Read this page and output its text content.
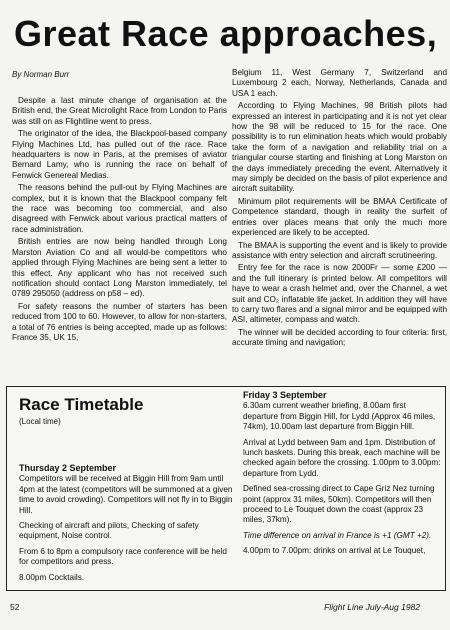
Great Race approaches,

By Norman Burr

Despite a last minute change of organisation at the British end, the Great Microlight Race from London to Paris was still on as Flightline went to press.

The originator of the idea, the Blackpool-based company Flying Machines Ltd, has pulled out of the race. Race headquarters is now in Paris, at the premises of aviator Bernard Lamy, who is running the race on behalf of Fenwick Genereal Medias.

The reasons behind the pull-out by Flying Machines are complex, but it is known that the Blackpool company felt the race was becoming too commercial, and also disagreed with Fenwick about various practical matters of race administration.

British entries are now being handled through Long Marston Aviation Co and all would-be competitors who applied through Flying Machines are being sent a letter to this effect. Any applicant who has not received such notification should contact Long Marston immediately, tel 0789 295050 (address on p58 – ed).

For safety reasons the number of starters has been reduced from 100 to 60. However, to allow for non-starters, a total of 76 entries is being accepted, made up as follows: France 35, UK 15,

Belgium 11, West Germany 7, Switzerland and Luxembourg 2 each, Norway, Netherlands, Canada and USA 1 each.

According to Flying Machines, 98 British pilots had expressed an interest in participating and it is not yet clear how the 98 will be reduced to 15 for the race. One possibility is to run elimination heats which would probably take the form of a navigation and reliability trial on a triangular course starting and finishing at Long Marston on the days immediately preceding the event. Alternatively it may simply be decided on the basis of pilot experience and aircraft suitability.

Minimum pilot requirements will be BMAA Certificate of Competence standard, though in reality the surfeit of entries over places means that only the much more experienced are likely to be accepted.

The BMAA is supporting the event and is likely to provide assistance with entry selection and aircraft scrutineering.

Entry fee for the race is now 2000Fr — some £200 — and the full itinerary is printed below. All competitors will have to wear a crash helmet and, over the Channel, a wet suit and CO₂ inflatable life jacket. In addition they will have to carry two flares and a signal mirror and be equipped with ASI, altimeter, compass and watch.

The winner will be decided according to four criteria: first, accurate timing and navigation;

Race Timetable

(Local time)

Thursday 2 September

Competitors will be received at Biggin Hill from 9am until 4pm at the latest (competitors will be summoned at a given time to avoid crowding). Competitors will not fly in to Biggin Hill.

Checking of aircraft and pilots, Checking of safety equipment, Noise control.

From 6 to 8pm a compulsory race conference will be held for competitors and press.

8.00pm Cocktails.

Friday 3 September

6.30am current weather briefing, 8.00am first departure from Biggin Hill, for Lydd (Approx 46 miles, 74km), 10.00am last departure from Biggin Hill.

Arrival at Lydd between 9am and 1pm. Distribution of lunch baskets. During this break, each machine will be checked again before the crossing. 1.00pm to 3.00pm: departure from Lydd.

Defined sea-crossing direct to Cape Griz Nez turning point (approx 31 miles, 50km). Competitors will then proceed to Le Touquet down the coast (approx 23 miles, 37km).

Time difference on arrival in France is +1 (GMT +2).

4.00pm to 7.00pm: drinks on arrival at Le Touquet,

52	Flight Line July-Aug 1982
